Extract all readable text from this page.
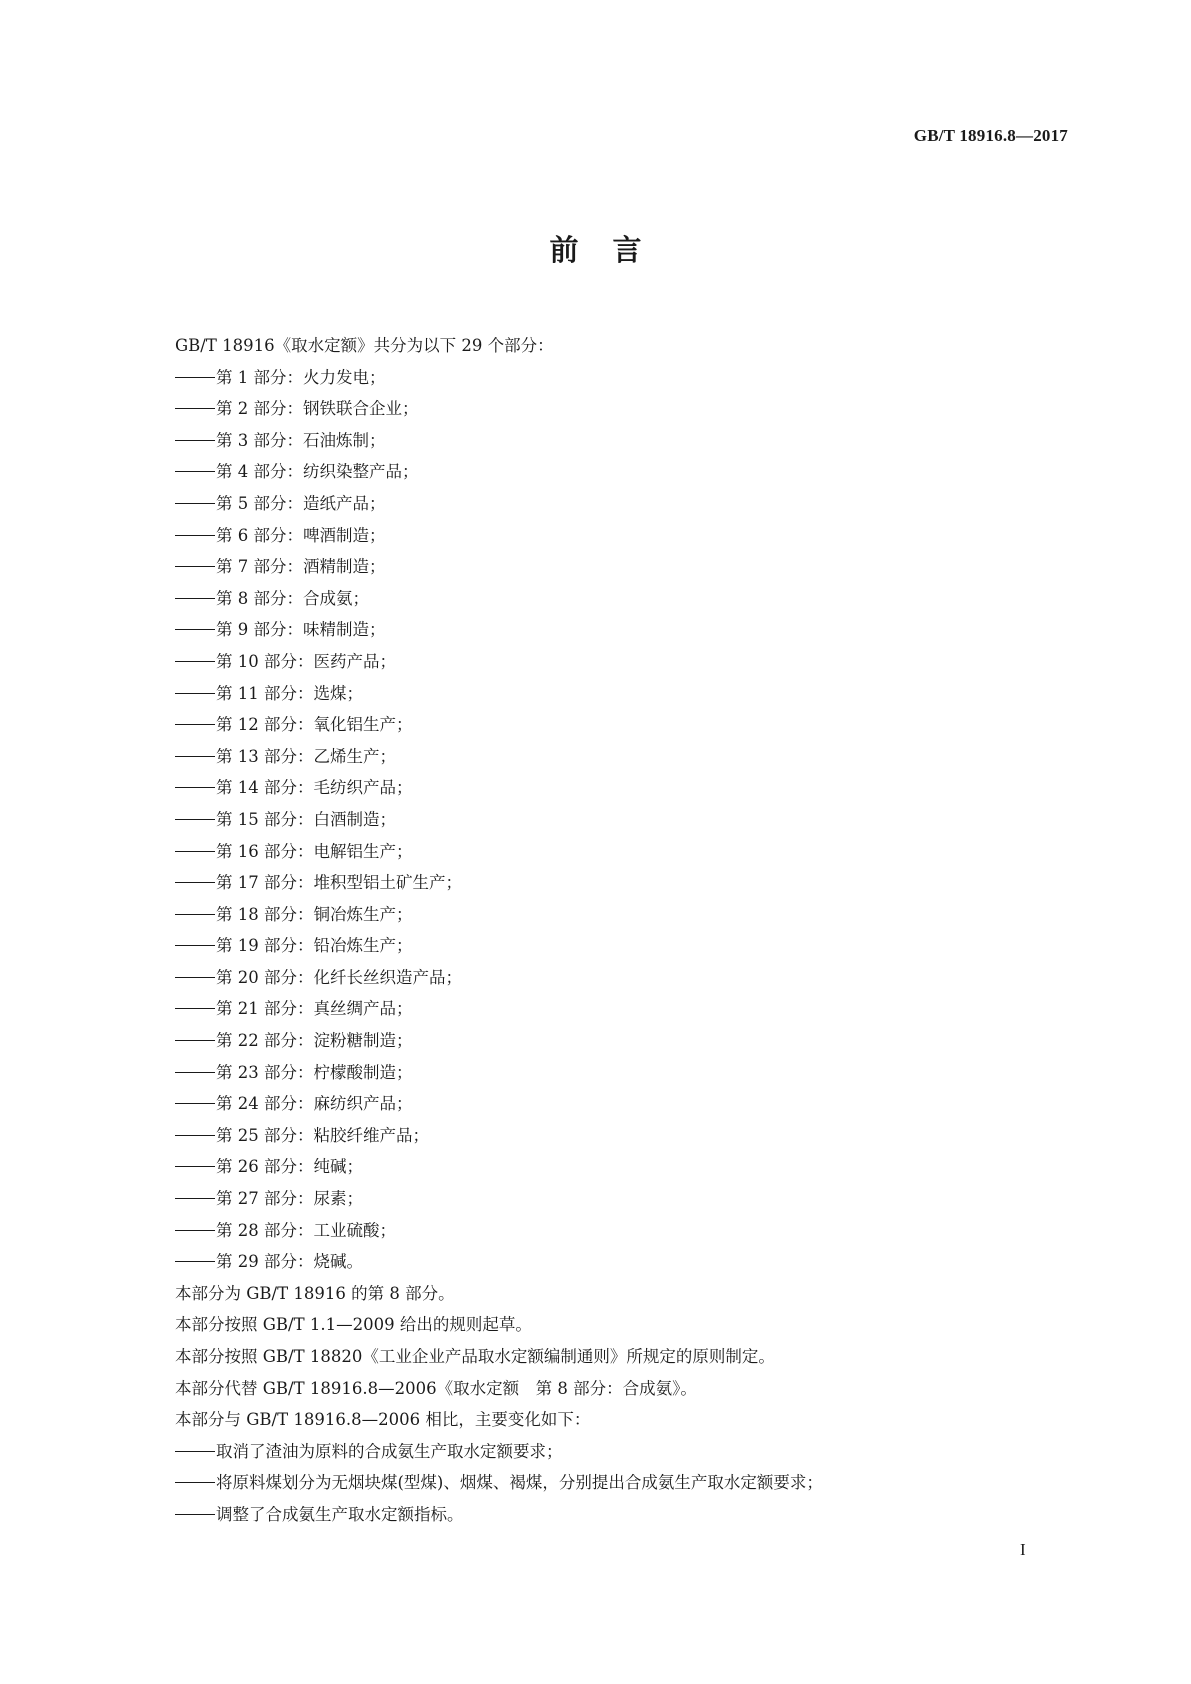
GB/T 18916.8—2017
前言
GB/T 18916《取水定额》共分为以下 29 个部分：
第 1 部分：火力发电；
第 2 部分：钢铁联合企业；
第 3 部分：石油炼制；
第 4 部分：纺织染整产品；
第 5 部分：造纸产品；
第 6 部分：啤酒制造；
第 7 部分：酒精制造；
第 8 部分：合成氨；
第 9 部分：味精制造；
第 10 部分：医药产品；
第 11 部分：选煤；
第 12 部分：氧化铝生产；
第 13 部分：乙烯生产；
第 14 部分：毛纺织产品；
第 15 部分：白酒制造；
第 16 部分：电解铝生产；
第 17 部分：堆积型铝土矿生产；
第 18 部分：铜冶炼生产；
第 19 部分：铅冶炼生产；
第 20 部分：化纤长丝织造产品；
第 21 部分：真丝绸产品；
第 22 部分：淀粉糖制造；
第 23 部分：柠檬酸制造；
第 24 部分：麻纺织产品；
第 25 部分：粘胶纤维产品；
第 26 部分：纯碱；
第 27 部分：尿素；
第 28 部分：工业硫酸；
第 29 部分：烧碱。
本部分为 GB/T 18916 的第 8 部分。
本部分按照 GB/T 1.1—2009 给出的规则起草。
本部分按照 GB/T 18820《工业企业产品取水定额编制通则》所规定的原则制定。
本部分代替 GB/T 18916.8—2006《取水定额　第 8 部分：合成氨》。
本部分与 GB/T 18916.8—2006 相比，主要变化如下：
取消了渣油为原料的合成氨生产取水定额要求；
将原料煤划分为无烟块煤(型煤)、烟煤、褐煤，分别提出合成氨生产取水定额要求；
调整了合成氨生产取水定额指标。
I
